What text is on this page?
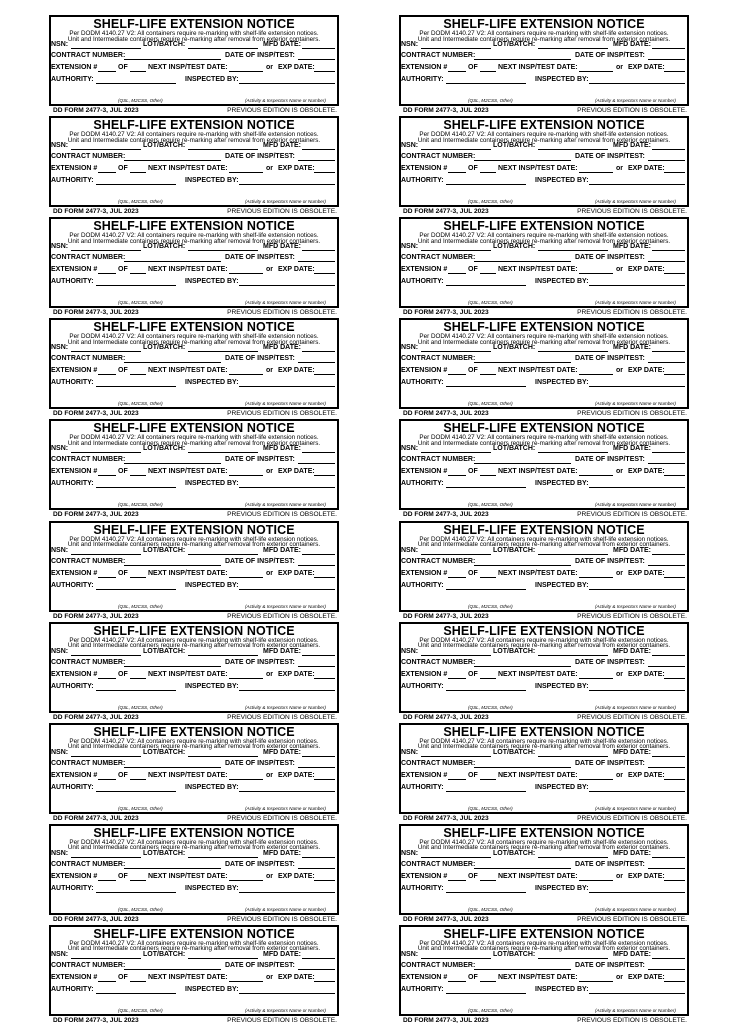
SHELF-LIFE EXTENSION NOTICE
Per DODM 4140.27 V2: All containers require re-marking with shelf-life extension notices.
Unit and Intermediate containers require re-marking after removal from exterior containers.
NSN:	LOT/BATCH:	MFD DATE:
CONTRACT NUMBER:	DATE OF INSP/TEST:
EXTENSION #	OF	NEXT INSP/TEST DATE:	or EXP DATE:
AUTHORITY:	INSPECTED BY:
(QSL, M2CSS, Other)	(Activity & Inspectors Name or Number)
DD FORM 2477-3, JUL 2023	PREVIOUS EDITION IS OBSOLETE.
SHELF-LIFE EXTENSION NOTICE
Per DODM 4140.27 V2: All containers require re-marking with shelf-life extension notices.
Unit and Intermediate containers require re-marking after removal from exterior containers.
NSN:	LOT/BATCH:	MFD DATE:
CONTRACT NUMBER:	DATE OF INSP/TEST:
EXTENSION #	OF	NEXT INSP/TEST DATE:	or EXP DATE:
AUTHORITY:	INSPECTED BY:
(QSL, M2CSS, Other)	(Activity & Inspectors Name or Number)
DD FORM 2477-3, JUL 2023	PREVIOUS EDITION IS OBSOLETE.
SHELF-LIFE EXTENSION NOTICE
Per DODM 4140.27 V2: All containers require re-marking with shelf-life extension notices.
Unit and Intermediate containers require re-marking after removal from exterior containers.
NSN:	LOT/BATCH:	MFD DATE:
CONTRACT NUMBER:	DATE OF INSP/TEST:
EXTENSION #	OF	NEXT INSP/TEST DATE:	or EXP DATE:
AUTHORITY:	INSPECTED BY:
(QSL, M2CSS, Other)	(Activity & Inspectors Name or Number)
DD FORM 2477-3, JUL 2023	PREVIOUS EDITION IS OBSOLETE.
SHELF-LIFE EXTENSION NOTICE
Per DODM 4140.27 V2: All containers require re-marking with shelf-life extension notices.
Unit and Intermediate containers require re-marking after removal from exterior containers.
NSN:	LOT/BATCH:	MFD DATE:
CONTRACT NUMBER:	DATE OF INSP/TEST:
EXTENSION #	OF	NEXT INSP/TEST DATE:	or EXP DATE:
AUTHORITY:	INSPECTED BY:
(QSL, M2CSS, Other)	(Activity & Inspectors Name or Number)
DD FORM 2477-3, JUL 2023	PREVIOUS EDITION IS OBSOLETE.
SHELF-LIFE EXTENSION NOTICE
Per DODM 4140.27 V2: All containers require re-marking with shelf-life extension notices.
Unit and Intermediate containers require re-marking after removal from exterior containers.
NSN:	LOT/BATCH:	MFD DATE:
CONTRACT NUMBER:	DATE OF INSP/TEST:
EXTENSION #	OF	NEXT INSP/TEST DATE:	or EXP DATE:
AUTHORITY:	INSPECTED BY:
(QSL, M2CSS, Other)	(Activity & Inspectors Name or Number)
DD FORM 2477-3, JUL 2023	PREVIOUS EDITION IS OBSOLETE.
SHELF-LIFE EXTENSION NOTICE
Per DODM 4140.27 V2: All containers require re-marking with shelf-life extension notices.
Unit and Intermediate containers require re-marking after removal from exterior containers.
NSN:	LOT/BATCH:	MFD DATE:
CONTRACT NUMBER:	DATE OF INSP/TEST:
EXTENSION #	OF	NEXT INSP/TEST DATE:	or EXP DATE:
AUTHORITY:	INSPECTED BY:
(QSL, M2CSS, Other)	(Activity & Inspectors Name or Number)
DD FORM 2477-3, JUL 2023	PREVIOUS EDITION IS OBSOLETE.
SHELF-LIFE EXTENSION NOTICE
Per DODM 4140.27 V2: All containers require re-marking with shelf-life extension notices.
Unit and Intermediate containers require re-marking after removal from exterior containers.
NSN:	LOT/BATCH:	MFD DATE:
CONTRACT NUMBER:	DATE OF INSP/TEST:
EXTENSION #	OF	NEXT INSP/TEST DATE:	or EXP DATE:
AUTHORITY:	INSPECTED BY:
(QSL, M2CSS, Other)	(Activity & Inspectors Name or Number)
DD FORM 2477-3, JUL 2023	PREVIOUS EDITION IS OBSOLETE.
SHELF-LIFE EXTENSION NOTICE
Per DODM 4140.27 V2: All containers require re-marking with shelf-life extension notices.
Unit and Intermediate containers require re-marking after removal from exterior containers.
NSN:	LOT/BATCH:	MFD DATE:
CONTRACT NUMBER:	DATE OF INSP/TEST:
EXTENSION #	OF	NEXT INSP/TEST DATE:	or EXP DATE:
AUTHORITY:	INSPECTED BY:
(QSL, M2CSS, Other)	(Activity & Inspectors Name or Number)
DD FORM 2477-3, JUL 2023	PREVIOUS EDITION IS OBSOLETE.
SHELF-LIFE EXTENSION NOTICE
Per DODM 4140.27 V2: All containers require re-marking with shelf-life extension notices.
Unit and Intermediate containers require re-marking after removal from exterior containers.
NSN:	LOT/BATCH:	MFD DATE:
CONTRACT NUMBER:	DATE OF INSP/TEST:
EXTENSION #	OF	NEXT INSP/TEST DATE:	or EXP DATE:
AUTHORITY:	INSPECTED BY:
(QSL, M2CSS, Other)	(Activity & Inspectors Name or Number)
DD FORM 2477-3, JUL 2023	PREVIOUS EDITION IS OBSOLETE.
SHELF-LIFE EXTENSION NOTICE
Per DODM 4140.27 V2: All containers require re-marking with shelf-life extension notices.
Unit and Intermediate containers require re-marking after removal from exterior containers.
NSN:	LOT/BATCH:	MFD DATE:
CONTRACT NUMBER:	DATE OF INSP/TEST:
EXTENSION #	OF	NEXT INSP/TEST DATE:	or EXP DATE:
AUTHORITY:	INSPECTED BY:
(QSL, M2CSS, Other)	(Activity & Inspectors Name or Number)
DD FORM 2477-3, JUL 2023	PREVIOUS EDITION IS OBSOLETE.
SHELF-LIFE EXTENSION NOTICE
Per DODM 4140.27 V2: All containers require re-marking with shelf-life extension notices.
Unit and Intermediate containers require re-marking after removal from exterior containers.
NSN:	LOT/BATCH:	MFD DATE:
CONTRACT NUMBER:	DATE OF INSP/TEST:
EXTENSION #	OF	NEXT INSP/TEST DATE:	or EXP DATE:
AUTHORITY:	INSPECTED BY:
(QSL, M2CSS, Other)	(Activity & Inspectors Name or Number)
DD FORM 2477-3, JUL 2023	PREVIOUS EDITION IS OBSOLETE.
SHELF-LIFE EXTENSION NOTICE
Per DODM 4140.27 V2: All containers require re-marking with shelf-life extension notices.
Unit and Intermediate containers require re-marking after removal from exterior containers.
NSN:	LOT/BATCH:	MFD DATE:
CONTRACT NUMBER:	DATE OF INSP/TEST:
EXTENSION #	OF	NEXT INSP/TEST DATE:	or EXP DATE:
AUTHORITY:	INSPECTED BY:
(QSL, M2CSS, Other)	(Activity & Inspectors Name or Number)
DD FORM 2477-3, JUL 2023	PREVIOUS EDITION IS OBSOLETE.
SHELF-LIFE EXTENSION NOTICE
Per DODM 4140.27 V2: All containers require re-marking with shelf-life extension notices.
Unit and Intermediate containers require re-marking after removal from exterior containers.
NSN:	LOT/BATCH:	MFD DATE:
CONTRACT NUMBER:	DATE OF INSP/TEST:
EXTENSION #	OF	NEXT INSP/TEST DATE:	or EXP DATE:
AUTHORITY:	INSPECTED BY:
(QSL, M2CSS, Other)	(Activity & Inspectors Name or Number)
DD FORM 2477-3, JUL 2023	PREVIOUS EDITION IS OBSOLETE.
SHELF-LIFE EXTENSION NOTICE
Per DODM 4140.27 V2: All containers require re-marking with shelf-life extension notices.
Unit and Intermediate containers require re-marking after removal from exterior containers.
NSN:	LOT/BATCH:	MFD DATE:
CONTRACT NUMBER:	DATE OF INSP/TEST:
EXTENSION #	OF	NEXT INSP/TEST DATE:	or EXP DATE:
AUTHORITY:	INSPECTED BY:
(QSL, M2CSS, Other)	(Activity & Inspectors Name or Number)
DD FORM 2477-3, JUL 2023	PREVIOUS EDITION IS OBSOLETE.
SHELF-LIFE EXTENSION NOTICE
Per DODM 4140.27 V2: All containers require re-marking with shelf-life extension notices.
Unit and Intermediate containers require re-marking after removal from exterior containers.
NSN:	LOT/BATCH:	MFD DATE:
CONTRACT NUMBER:	DATE OF INSP/TEST:
EXTENSION #	OF	NEXT INSP/TEST DATE:	or EXP DATE:
AUTHORITY:	INSPECTED BY:
(QSL, M2CSS, Other)	(Activity & Inspectors Name or Number)
DD FORM 2477-3, JUL 2023	PREVIOUS EDITION IS OBSOLETE.
SHELF-LIFE EXTENSION NOTICE
Per DODM 4140.27 V2: All containers require re-marking with shelf-life extension notices.
Unit and Intermediate containers require re-marking after removal from exterior containers.
NSN:	LOT/BATCH:	MFD DATE:
CONTRACT NUMBER:	DATE OF INSP/TEST:
EXTENSION #	OF	NEXT INSP/TEST DATE:	or EXP DATE:
AUTHORITY:	INSPECTED BY:
(QSL, M2CSS, Other)	(Activity & Inspectors Name or Number)
DD FORM 2477-3, JUL 2023	PREVIOUS EDITION IS OBSOLETE.
SHELF-LIFE EXTENSION NOTICE
Per DODM 4140.27 V2: All containers require re-marking with shelf-life extension notices.
Unit and Intermediate containers require re-marking after removal from exterior containers.
NSN:	LOT/BATCH:	MFD DATE:
CONTRACT NUMBER:	DATE OF INSP/TEST:
EXTENSION #	OF	NEXT INSP/TEST DATE:	or EXP DATE:
AUTHORITY:	INSPECTED BY:
(QSL, M2CSS, Other)	(Activity & Inspectors Name or Number)
DD FORM 2477-3, JUL 2023	PREVIOUS EDITION IS OBSOLETE.
SHELF-LIFE EXTENSION NOTICE
Per DODM 4140.27 V2: All containers require re-marking with shelf-life extension notices.
Unit and Intermediate containers require re-marking after removal from exterior containers.
NSN:	LOT/BATCH:	MFD DATE:
CONTRACT NUMBER:	DATE OF INSP/TEST:
EXTENSION #	OF	NEXT INSP/TEST DATE:	or EXP DATE:
AUTHORITY:	INSPECTED BY:
(QSL, M2CSS, Other)	(Activity & Inspectors Name or Number)
DD FORM 2477-3, JUL 2023	PREVIOUS EDITION IS OBSOLETE.
SHELF-LIFE EXTENSION NOTICE
Per DODM 4140.27 V2: All containers require re-marking with shelf-life extension notices.
Unit and Intermediate containers require re-marking after removal from exterior containers.
NSN:	LOT/BATCH:	MFD DATE:
CONTRACT NUMBER:	DATE OF INSP/TEST:
EXTENSION #	OF	NEXT INSP/TEST DATE:	or EXP DATE:
AUTHORITY:	INSPECTED BY:
(QSL, M2CSS, Other)	(Activity & Inspectors Name or Number)
DD FORM 2477-3, JUL 2023	PREVIOUS EDITION IS OBSOLETE.
SHELF-LIFE EXTENSION NOTICE
Per DODM 4140.27 V2: All containers require re-marking with shelf-life extension notices.
Unit and Intermediate containers require re-marking after removal from exterior containers.
NSN:	LOT/BATCH:	MFD DATE:
CONTRACT NUMBER:	DATE OF INSP/TEST:
EXTENSION #	OF	NEXT INSP/TEST DATE:	or EXP DATE:
AUTHORITY:	INSPECTED BY:
(QSL, M2CSS, Other)	(Activity & Inspectors Name or Number)
DD FORM 2477-3, JUL 2023	PREVIOUS EDITION IS OBSOLETE.
